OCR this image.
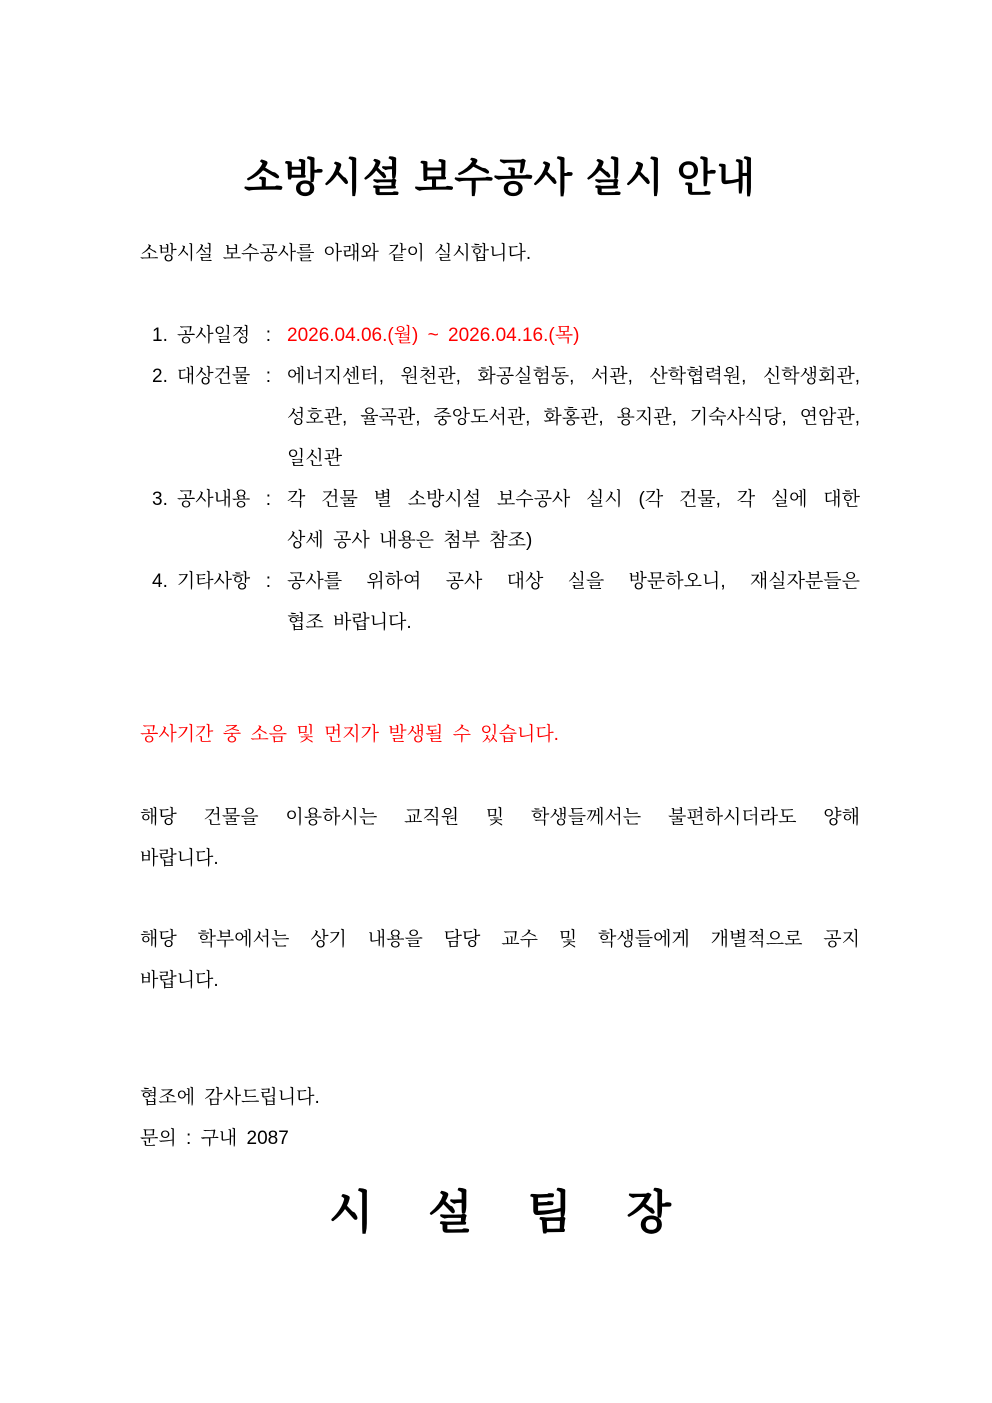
소방시설 보수공사 실시 안내

소방시설 보수공사를 아래와 같이 실시합니다.

1. 공사일정 : 2026.04.06.(월) ~ 2026.04.16.(목)
2. 대상건물 : 에너지센터, 원천관, 화공실험동, 서관, 산학협력원, 신학생회관,
성호관, 율곡관, 중앙도서관, 화홍관, 용지관, 기숙사식당, 연암관,
일신관
3. 공사내용 : 각 건물 별 소방시설 보수공사 실시 (각 건물, 각 실에 대한
상세 공사 내용은 첨부 참조)
4. 기타사항 : 공사를 위하여 공사 대상 실을 방문하오니, 재실자분들은
협조 바랍니다.

공사기간 중 소음 및 먼지가 발생될 수 있습니다.

해당 건물을 이용하시는 교직원 및 학생들께서는 불편하시더라도 양해
바랍니다.
해당 학부에서는 상기 내용을 담당 교수 및 학생들에게 개별적으로 공지
바랍니다.

협조에 감사드립니다.

문의 : 구내 2087

시 설 팀 장
